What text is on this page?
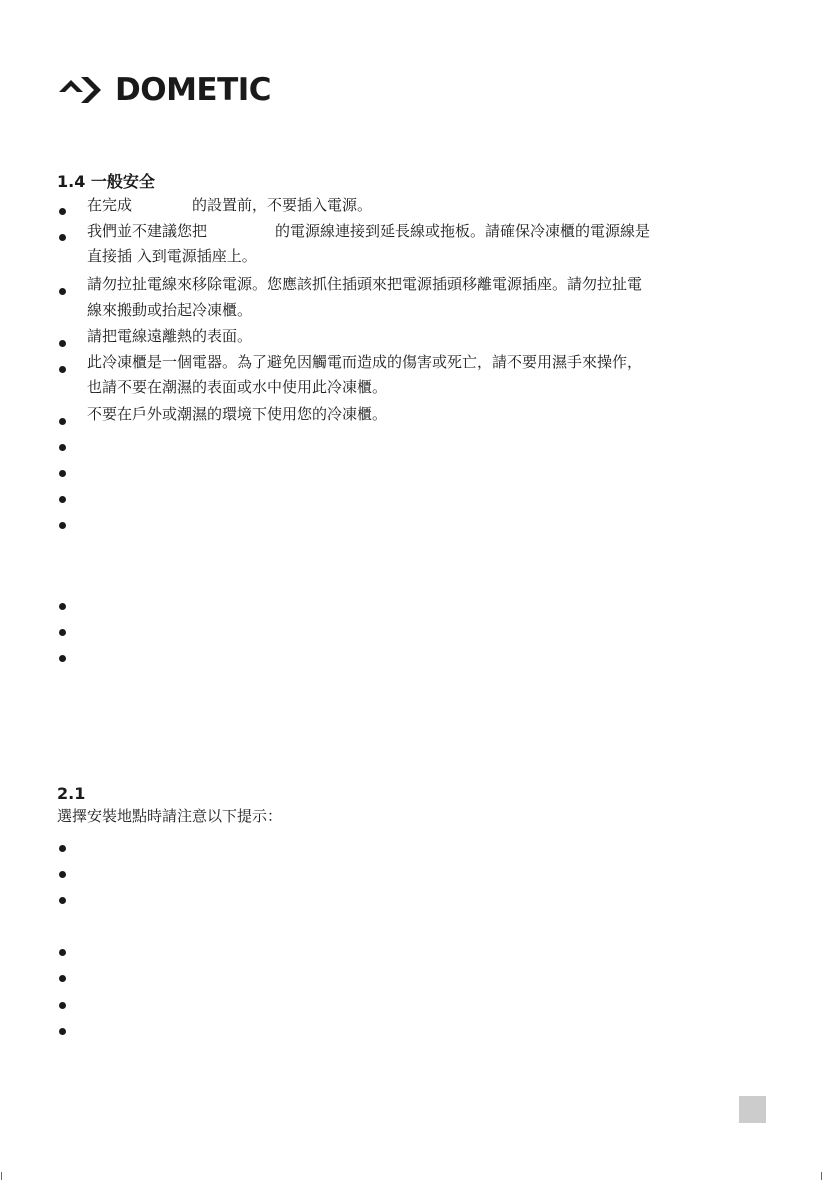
DOMETIC
1.4 一般安全
在完成	的設置前，不要插入電源。
我們並不建議您把	的電源線連接到延長線或拖板。請確保冷凍櫃的電源線是
直接插 入到電源插座上。
請勿拉扯電線來移除電源。您應該抓住插頭來把電源插頭移離電源插座。請勿拉扯電
線來搬動或抬起冷凍櫃。
請把電線遠離熱的表面。
此冷凍櫃是一個電器。為了避免因觸電而造成的傷害或死亡，請不要用濕手來操作，
也請不要在潮濕的表面或水中使用此冷凍櫃。
不要在戶外或潮濕的環境下使用您的冷凍櫃。
2.1
選擇安裝地點時請注意以下提示：
